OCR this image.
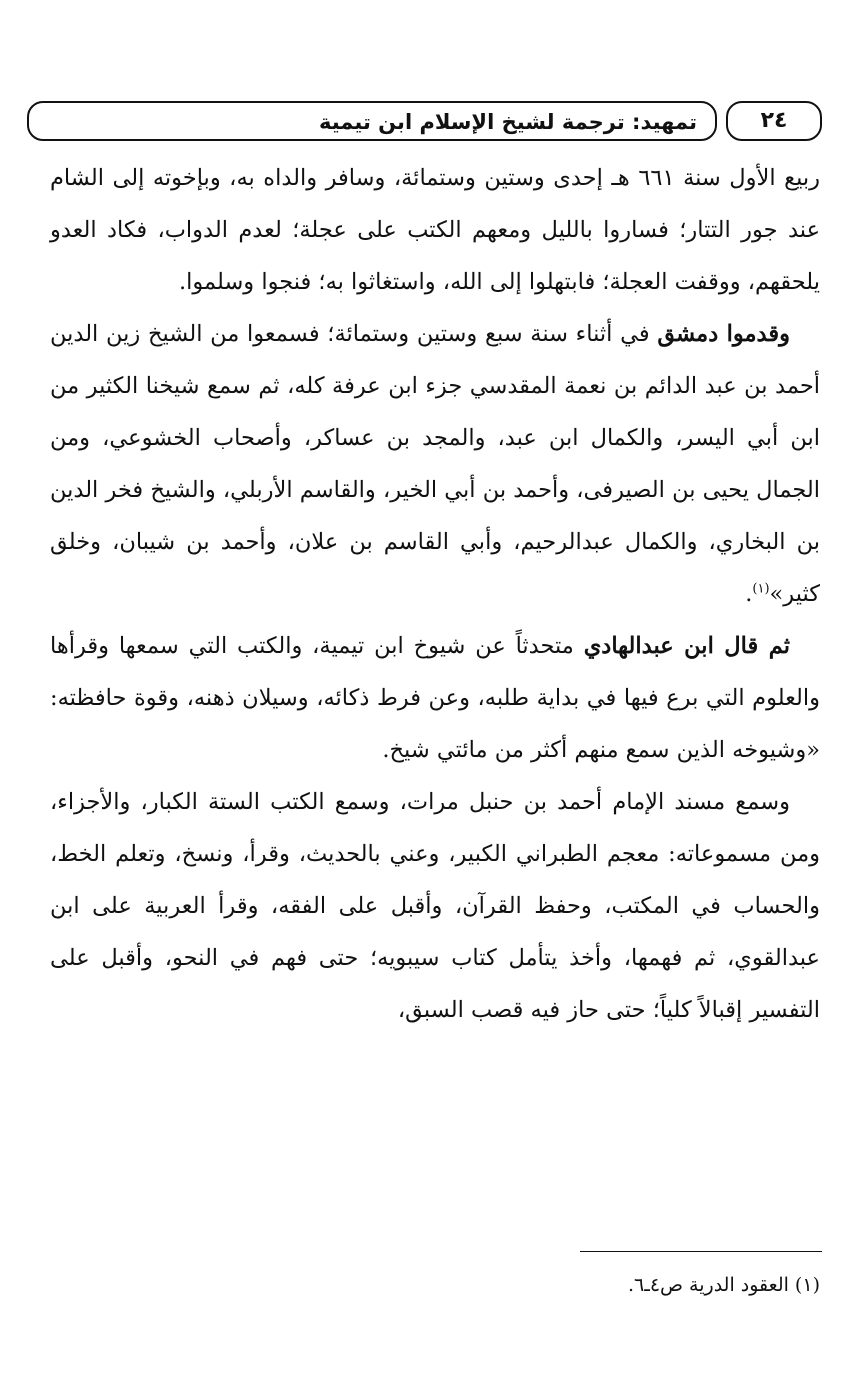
تمهيد: ترجمة لشيخ الإسلام ابن تيمية	٢٤

ربيع الأول سنة ٦٦١ هـ إحدى وستين وستمائة، وسافر والداه به، وبإخوته إلى الشام عند جور التتار؛ فساروا بالليل ومعهم الكتب على عجلة؛ لعدم الدواب، فكاد العدو يلحقهم، ووقفت العجلة؛ فابتهلوا إلى الله، واستغاثوا به؛ فنجوا وسلموا.

وقدموا دمشق في أثناء سنة سبع وستين وستمائة؛ فسمعوا من الشيخ زين الدين أحمد بن عبد الدائم بن نعمة المقدسي جزء ابن عرفة كله، ثم سمع شيخنا الكثير من ابن أبي اليسر، والكمال ابن عبد، والمجد بن عساكر، وأصحاب الخشوعي، ومن الجمال يحيى بن الصيرفى، وأحمد بن أبي الخير، والقاسم الأربلي، والشيخ فخر الدين بن البخاري، والكمال عبدالرحيم، وأبي القاسم بن علان، وأحمد بن شيبان، وخلق كثير»$^{(١)}$.

ثم قال ابن عبدالهادي متحدثاً عن شيوخ ابن تيمية، والكتب التي سمعها وقرأها والعلوم التي برع فيها في بداية طلبه، وعن فرط ذكائه، وسيلان ذهنه، وقوة حافظته: «وشيوخه الذين سمع منهم أكثر من مائتي شيخ.

وسمع مسند الإمام أحمد بن حنبل مرات، وسمع الكتب الستة الكبار، والأجزاء، ومن مسموعاته: معجم الطبراني الكبير، وعني بالحديث، وقرأ، ونسخ، وتعلم الخط، والحساب في المكتب، وحفظ القرآن، وأقبل على الفقه، وقرأ العربية على ابن عبدالقوي، ثم فهمها، وأخذ يتأمل كتاب سيبويه؛ حتى فهم في النحو، وأقبل على التفسير إقبالاً كلياً؛ حتى حاز فيه قصب السبق،

(١) العقود الدرية ص٤ـ٦.
